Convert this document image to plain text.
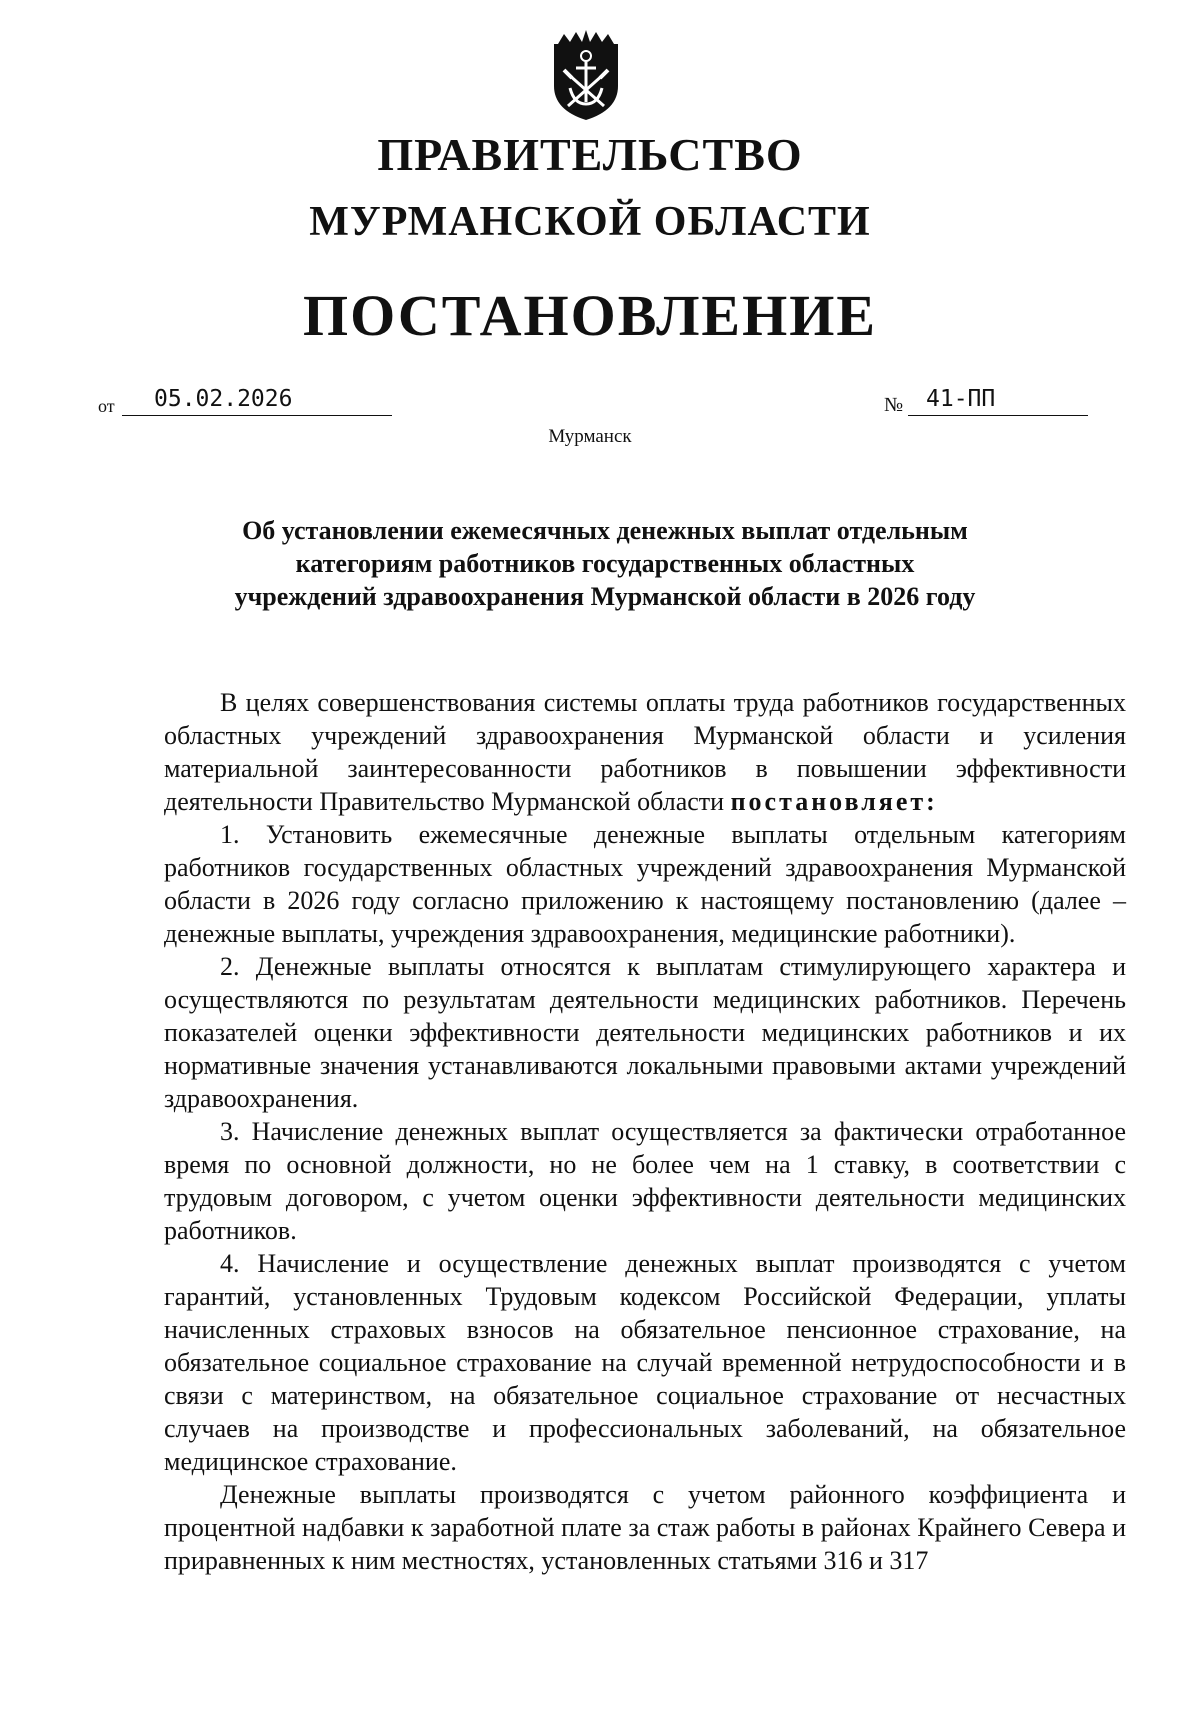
ПРАВИТЕЛЬСТВО
МУРМАНСКОЙ ОБЛАСТИ
ПОСТАНОВЛЕНИЕ
от	05.02.2026	№ 41-ПП

Мурманск

Об установлении ежемесячных денежных выплат отдельным
категориям работников государственных областных
учреждений здравоохранения Мурманской области в 2026 году

В целях совершенствования системы оплаты труда работников государственных областных учреждений здравоохранения Мурманской области и усиления материальной заинтересованности работников в повышении эффективности деятельности Правительство Мурманской области постановляет:

1. Установить ежемесячные денежные выплаты отдельным категориям работников государственных областных учреждений здравоохранения Мурманской области в 2026 году согласно приложению к настоящему постановлению (далее – денежные выплаты, учреждения здравоохранения, медицинские работники).

2. Денежные выплаты относятся к выплатам стимулирующего характера и осуществляются по результатам деятельности медицинских работников. Перечень показателей оценки эффективности деятельности медицинских работников и их нормативные значения устанавливаются локальными правовыми актами учреждений здравоохранения.

3. Начисление денежных выплат осуществляется за фактически отработанное время по основной должности, но не более чем на 1 ставку, в соответствии с трудовым договором, с учетом оценки эффективности деятельности медицинских работников.

4. Начисление и осуществление денежных выплат производятся с учетом гарантий, установленных Трудовым кодексом Российской Федерации, уплаты начисленных страховых взносов на обязательное пенсионное страхование, на обязательное социальное страхование на случай временной нетрудоспособности и в связи с материнством, на обязательное социальное страхование от несчастных случаев на производстве и профессиональных заболеваний, на обязательное медицинское страхование.

Денежные выплаты производятся с учетом районного коэффициента и процентной надбавки к заработной плате за стаж работы в районах Крайнего Севера и приравненных к ним местностях, установленных статьями 316 и 317
